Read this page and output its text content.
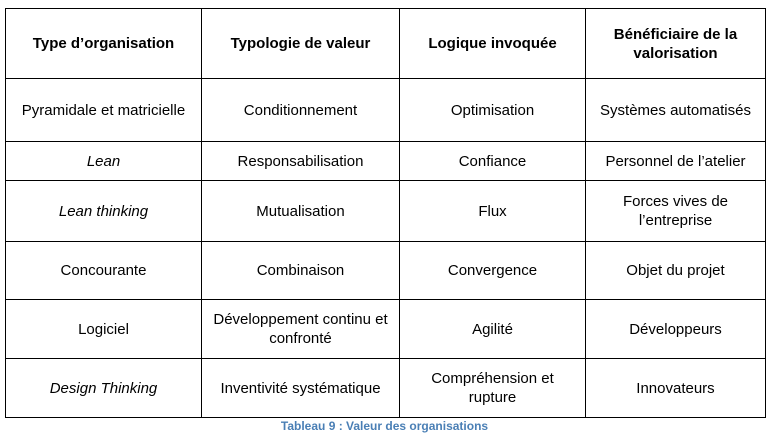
Type d’organisation	Typologie de valeur	Logique invoquée	Bénéficiaire de la valorisation
Pyramidale et matricielle	Conditionnement	Optimisation	Systèmes automatisés
Lean	Responsabilisation	Confiance	Personnel de l’atelier
Lean thinking	Mutualisation	Flux	Forces vives de l’entreprise
Concourante	Combinaison	Convergence	Objet du projet
Logiciel	Développement continu et confronté	Agilité	Développeurs
Design Thinking	Inventivité systématique	Compréhension et rupture	Innovateurs
Tableau 9 : Valeur des organisations
